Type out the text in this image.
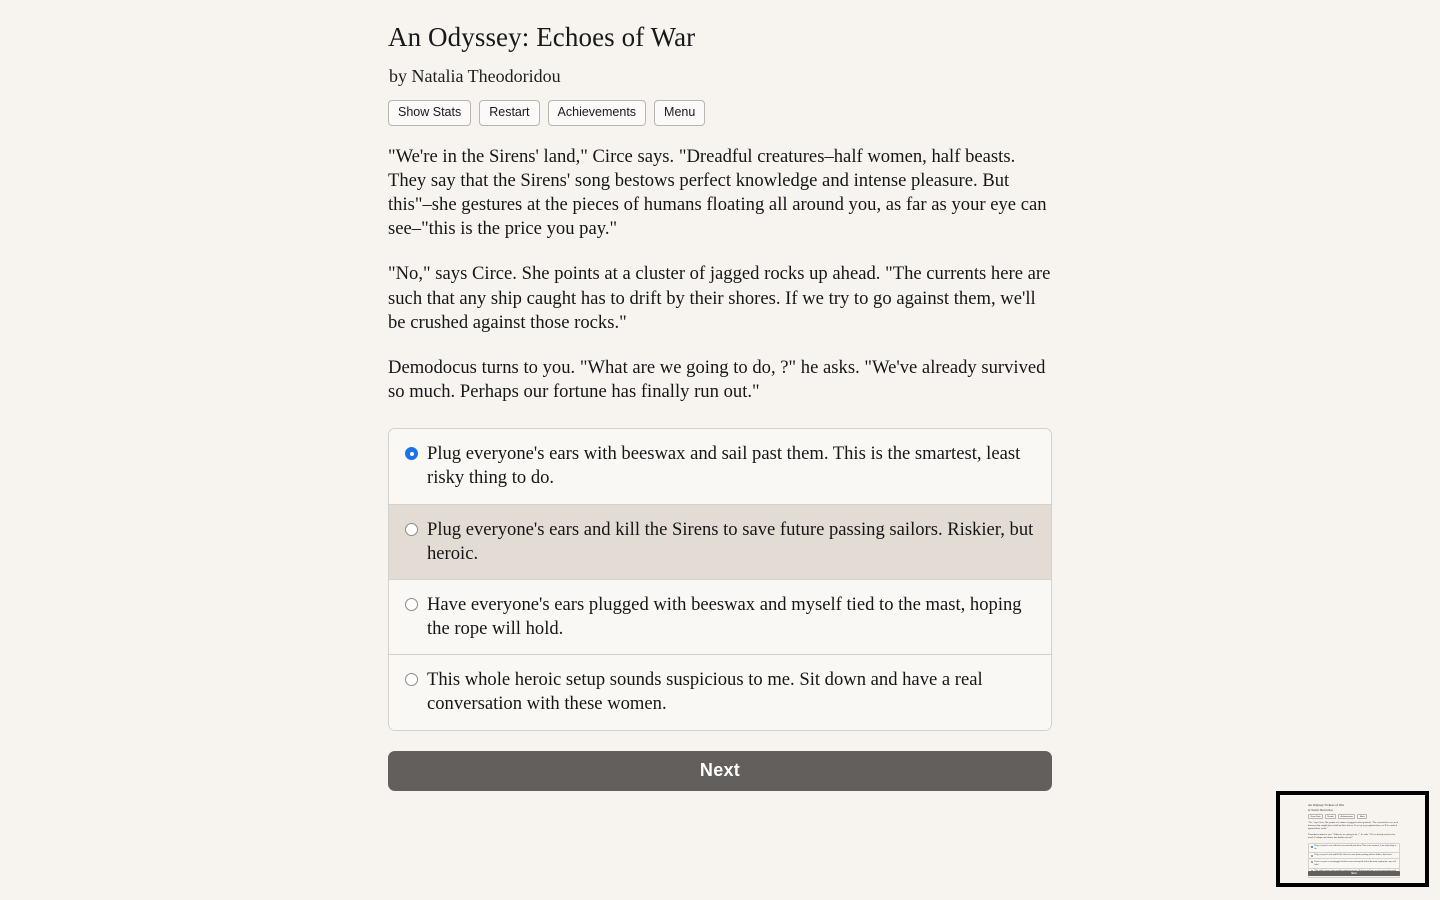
An Odyssey: Echoes of War
by Natalia Theodoridou
Show Stats	Restart	Achievements	Menu

"We're in the Sirens' land," Circe says. "Dreadful creatures–half women, half beasts. They say that the Sirens' song bestows perfect knowledge and intense pleasure. But this"–she gestures at the pieces of humans floating all around you, as far as your eye can see–"this is the price you pay."

"No," says Circe. She points at a cluster of jagged rocks up ahead. "The currents here are such that any ship caught has to drift by their shores. If we try to go against them, we'll be crushed against those rocks."

Demodocus turns to you. "What are we going to do, ?" he asks. "We've already survived so much. Perhaps our fortune has finally run out."

Plug everyone's ears with beeswax and sail past them. This is the smartest, least risky thing to do.
Plug everyone's ears and kill the Sirens to save future passing sailors. Riskier, but heroic.
Have everyone's ears plugged with beeswax and myself tied to the mast, hoping the rope will hold.
This whole heroic setup sounds suspicious to me. Sit down and have a real conversation with these women.
Next
An Odyssey: Echoes of War
by Natalia Theodoridou
Show Stats	Restart	Achievements	Menu
"No," says Circe. She points at a cluster of jagged rocks up ahead. "The currents here are such that any ship caught has to drift by their shores. If we try to go against them, we'll be crushed against those rocks."
Demodocus turns to you. "What are we going to do, ?" he asks. "We've already survived so much. Perhaps our fortune has finally run out."
Plug everyone's ears with beeswax and sail past them. This is the smartest, least risky thing to do.
Plug everyone's ears and kill the Sirens to save future passing sailors. Riskier, but heroic.
Have everyone's ears plugged with beeswax and myself tied to the mast, hoping the rope will hold.
Next
